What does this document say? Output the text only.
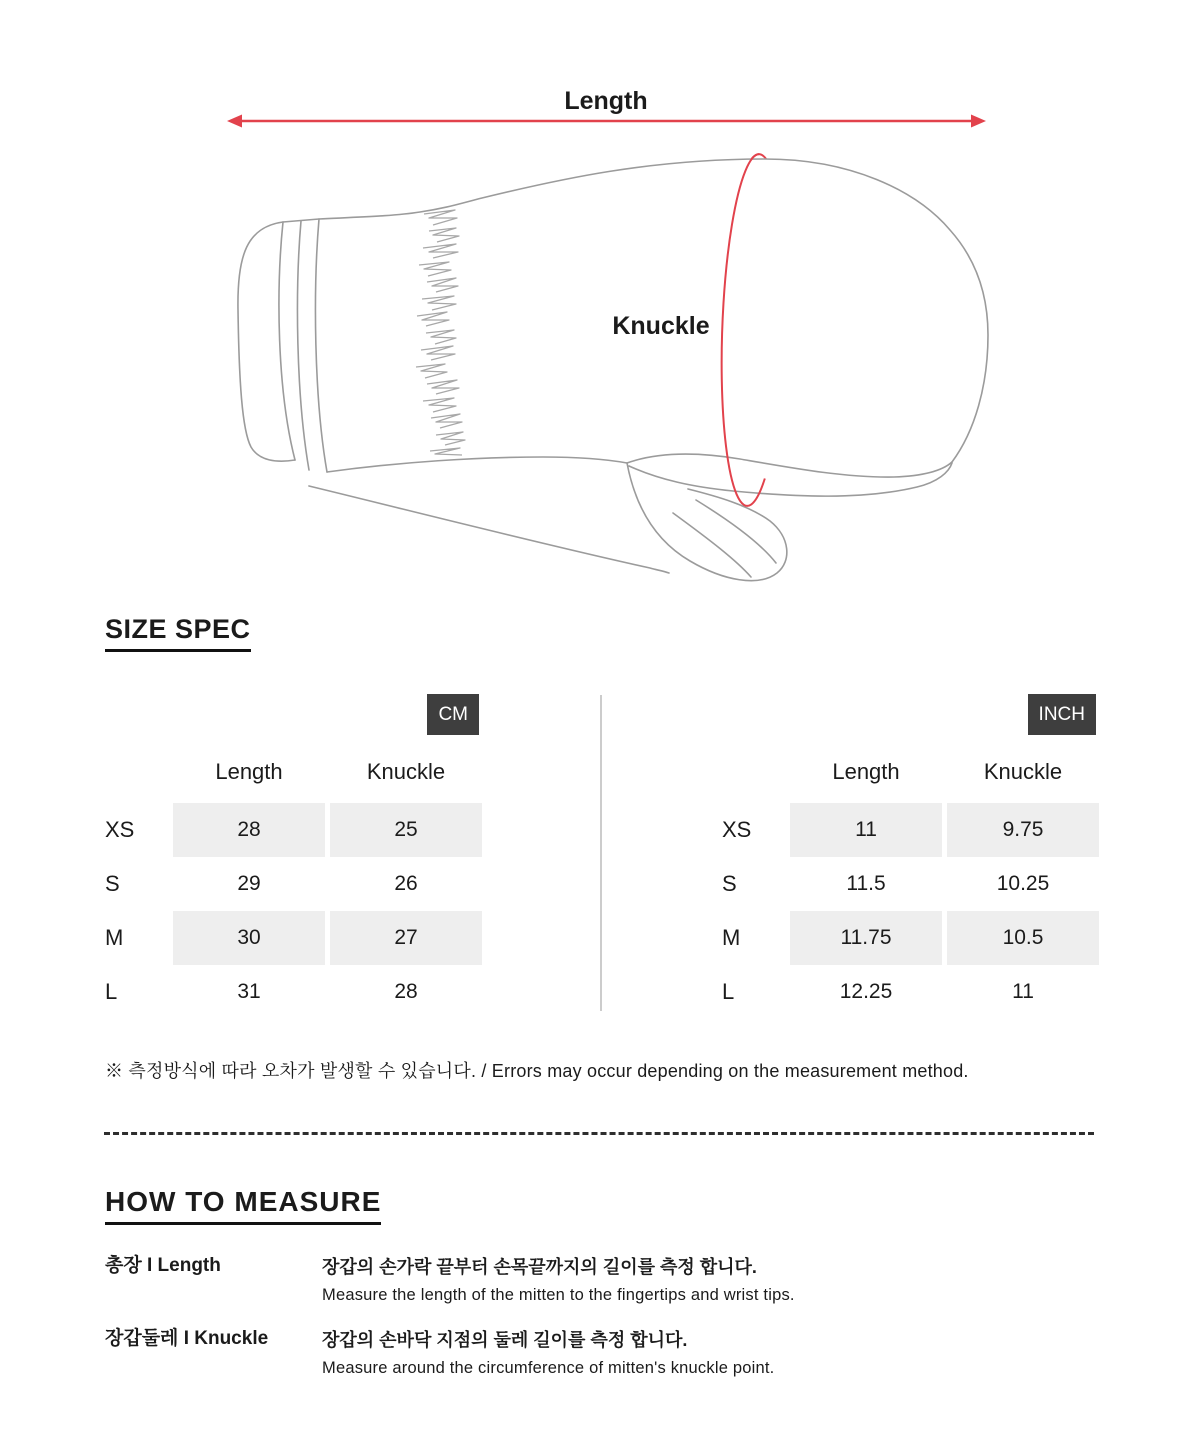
Length
Knuckle
SIZE SPEC
CM
Length	Knuckle
XS	28	25
S	29	26
M	30	27
L	31	28
INCH
Length	Knuckle
XS	11	9.75
S	11.5	10.25
M	11.75	10.5
L	12.25	11
※ 측정방식에 따라 오차가 발생할 수 있습니다. / Errors may occur depending on the measurement method.
HOW TO MEASURE
총장 I Length	장갑의 손가락 끝부터 손목끝까지의 길이를 측정 합니다.
Measure the length of the mitten to the fingertips and wrist tips.
장갑둘레 I Knuckle	장갑의 손바닥 지점의 둘레 길이를 측정 합니다.
Measure around the circumference of mitten's knuckle point.
